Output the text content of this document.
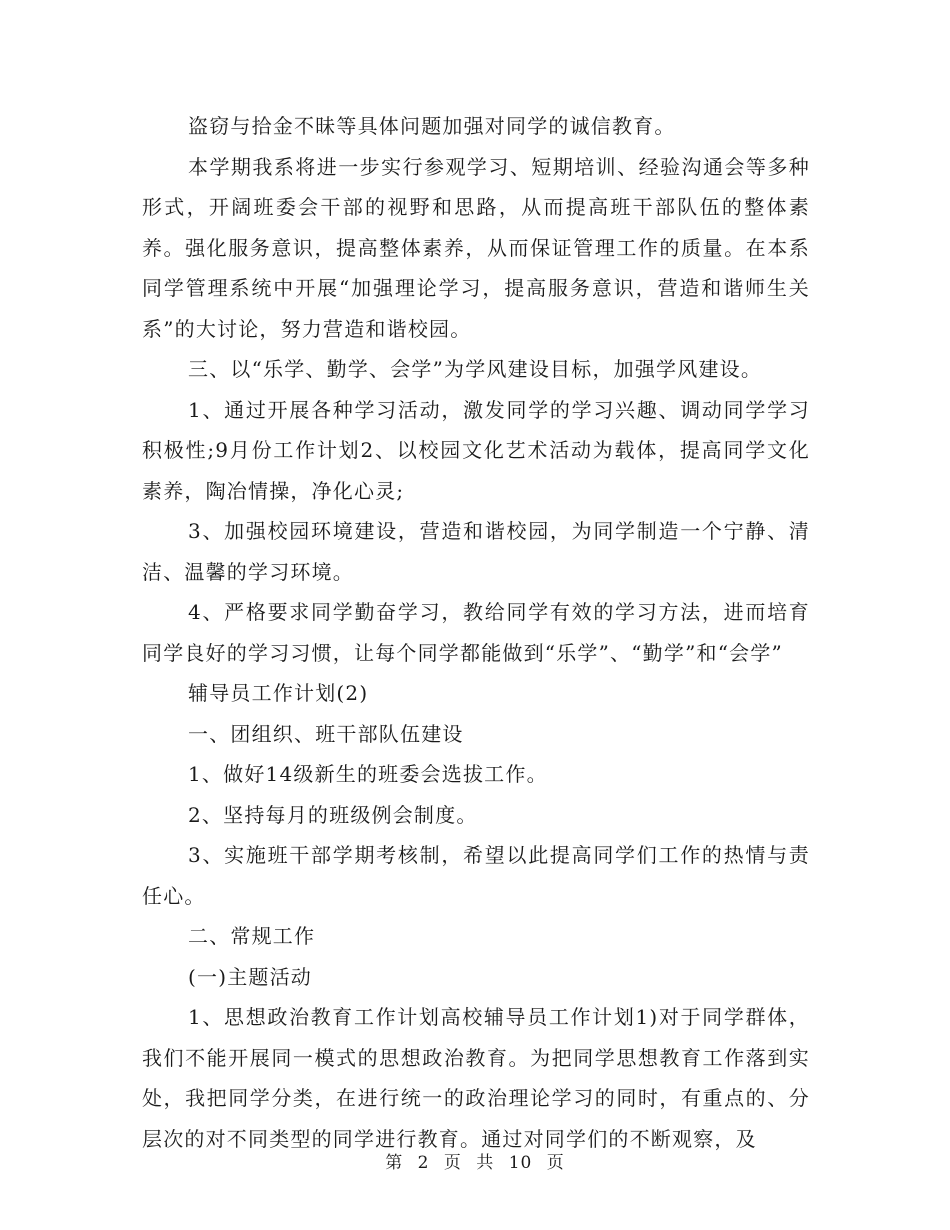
盗窃与拾金不昧等具体问题加强对同学的诚信教育。

本学期我系将进一步实行参观学习、短期培训、经验沟通会等多种形式，开阔班委会干部的视野和思路，从而提高班干部队伍的整体素养。强化服务意识，提高整体素养，从而保证管理工作的质量。在本系同学管理系统中开展“加强理论学习，提高服务意识，营造和谐师生关系”的大讨论，努力营造和谐校园。

三、以“乐学、勤学、会学”为学风建设目标，加强学风建设。

1、通过开展各种学习活动，激发同学的学习兴趣、调动同学学习积极性;9月份工作计划2、以校园文化艺术活动为载体，提高同学文化素养，陶冶情操，净化心灵;

3、加强校园环境建设，营造和谐校园，为同学制造一个宁静、清洁、温馨的学习环境。

4、严格要求同学勤奋学习，教给同学有效的学习方法，进而培育同学良好的学习习惯，让每个同学都能做到“乐学”、“勤学”和“会学”

辅导员工作计划(2)

一、团组织、班干部队伍建设

1、做好14级新生的班委会选拔工作。

2、坚持每月的班级例会制度。

3、实施班干部学期考核制，希望以此提高同学们工作的热情与责任心。

二、常规工作

(一)主题活动

1、思想政治教育工作计划高校辅导员工作计划1)对于同学群体，我们不能开展同一模式的思想政治教育。为把同学思想教育工作落到实处，我把同学分类，在进行统一的政治理论学习的同时，有重点的、分层次的对不同类型的同学进行教育。通过对同学们的不断观察，及

第 2 页 共 10 页
